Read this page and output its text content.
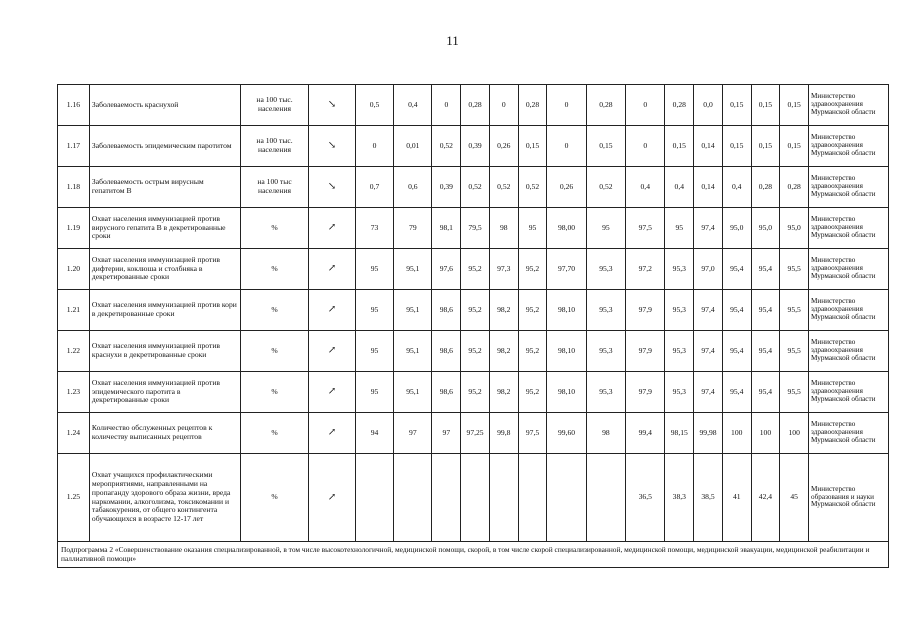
11
1.16	Заболеваемость краснухой	на 100 тыс. населения	↘	0,5	0,4	0	0,28	0	0,28	0	0,28	0	0,28	0,0	0,15	0,15	0,15	Министерство здравоохранения Мурманской области
1.17	Заболеваемость эпидемическим паротитом	на 100 тыс. населения	↘	0	0,01	0,52	0,39	0,26	0,15	0	0,15	0	0,15	0,14	0,15	0,15	0,15	Министерство здравоохранения Мурманской области
1.18	Заболеваемость острым вирусным гепатитом В	на 100 тыс населения	↘	0,7	0,6	0,39	0,52	0,52	0,52	0,26	0,52	0,4	0,4	0,14	0,4	0,28	0,28	Министерство здравоохранения Мурманской области
1.19	Охват населения иммунизацией против вирусного гепатита В в декретированные сроки	%	↗	73	79	98,1	79,5	98	95	98,00	95	97,5	95	97,4	95,0	95,0	95,0	Министерство здравоохранения Мурманской области
1.20	Охват населения иммунизацией против дифтерии, коклюша и столбняка в декретированные сроки	%	↗	95	95,1	97,6	95,2	97,3	95,2	97,70	95,3	97,2	95,3	97,0	95,4	95,4	95,5	Министерство здравоохранения Мурманской области
1.21	Охват населения иммунизацией против кори в декретированные сроки	%	↗	95	95,1	98,6	95,2	98,2	95,2	98,10	95,3	97,9	95,3	97,4	95,4	95,4	95,5	Министерство здравоохранения Мурманской области
1.22	Охват населения иммунизацией против краснухи в декретированные сроки	%	↗	95	95,1	98,6	95,2	98,2	95,2	98,10	95,3	97,9	95,3	97,4	95,4	95,4	95,5	Министерство здравоохранения Мурманской области
1.23	Охват населения иммунизацией против эпидемического паротита в декретированные сроки	%	↗	95	95,1	98,6	95,2	98,2	95,2	98,10	95,3	97,9	95,3	97,4	95,4	95,4	95,5	Министерство здравоохранения Мурманской области
1.24	Количество обслуженных рецептов к количеству выписанных рецептов	%	↗	94	97	97	97,25	99,8	97,5	99,60	98	99,4	98,15	99,98	100	100	100	Министерство здравоохранения Мурманской области
1.25	Охват учащихся профилактическими мероприятиями, направленными на пропаганду здорового образа жизни, вреда наркомании, алкоголизма, токсикомании и табакокурения, от общего контингента обучающихся в возрасте 12-17 лет	%	↗									36,5	38,3	38,5	41	42,4	45	Министерство образования и науки Мурманской области
Подпрограмма 2 «Совершенствование оказания специализированной, в том числе высокотехнологичной, медицинской помощи, скорой, в том числе скорой специализированной, медицинской помощи, медицинской эвакуации, медицинской реабилитации и паллиативной помощи»																		
